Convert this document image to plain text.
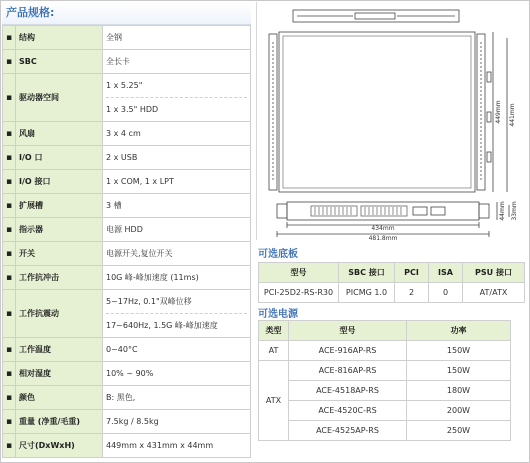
产品规格:
▪	结构	全钢
▪	SBC	全长卡
▪	驱动器空间	1 x 5.25"
1 x 3.5" HDD

▪	风扇	3 x 4 cm
▪	I/O 口	2 x USB
▪	I/O 接口	1 x COM, 1 x LPT
▪	扩展槽	3 槽
▪	指示器	电源 HDD
▪	开关	电源开关,复位开关
▪	工作抗冲击	10G 峰-峰加速度 (11ms)
▪	工作抗震动	5~17Hz, 0.1"双峰位移
17~640Hz, 1.5G 峰-峰加速度

▪	工作温度	0~40°C
▪	相对湿度	10% ~ 90%
▪	颜色	B: 黑色,
▪	重量 (净重/毛重)	7.5kg / 8.5kg
▪	尺寸(DxWxH)	449mm x 431mm x 44mm
434mm
481.8mm
449mm 441mm
44mm 33mm
可选底板
型号	SBC 接口	PCI	ISA	PSU 接口
PCI-25D2-RS-R30	PICMG 1.0	2	0	AT/ATX
可选电源
类型	型号	功率
AT	ACE-916AP-RS	150W
ATX	ACE-816AP-RS	150W
	ACE-4518AP-RS	180W
	ACE-4520C-RS	200W
	ACE-4525AP-RS	250W
